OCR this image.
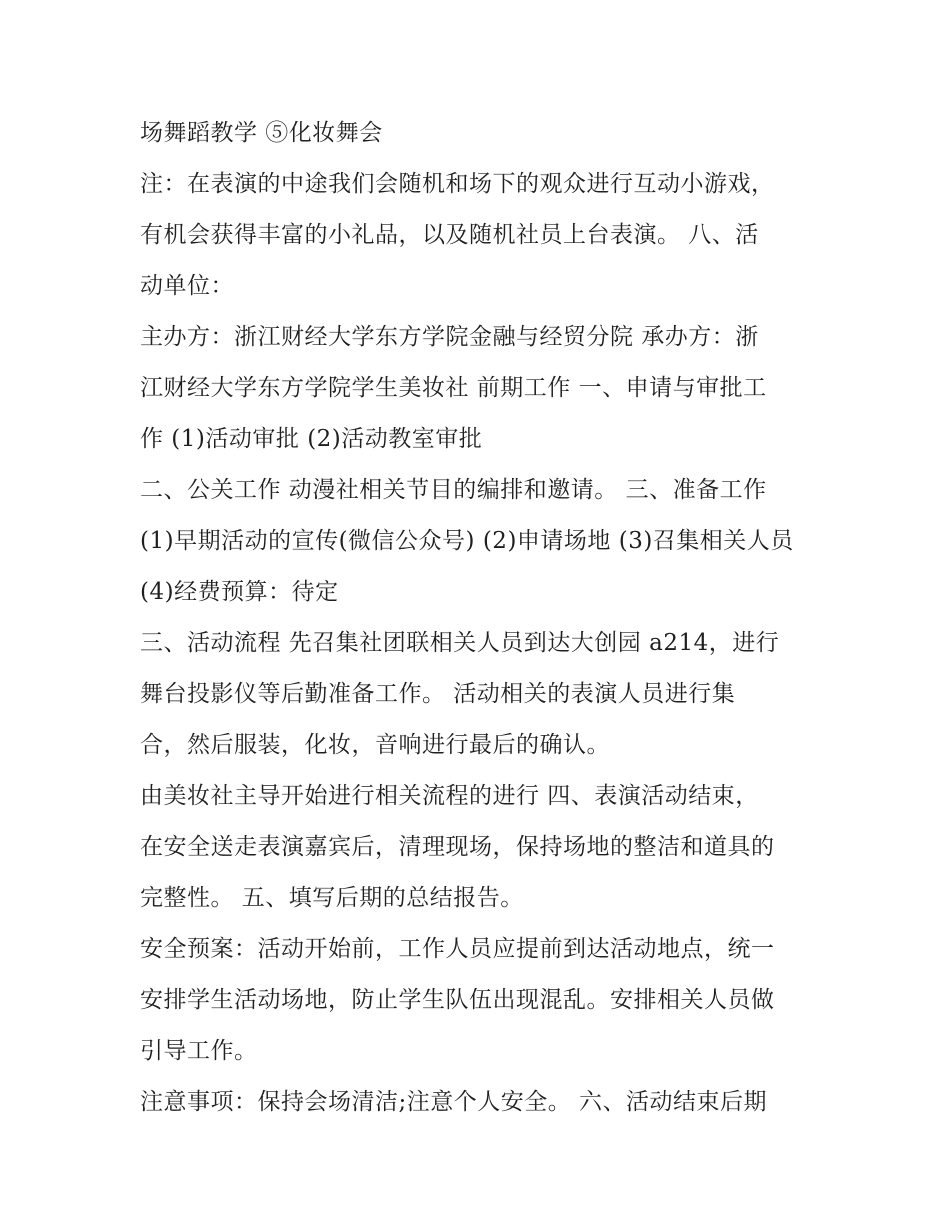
场舞蹈教学 ⑤化妆舞会

注：在表演的中途我们会随机和场下的观众进行互动小游戏，

有机会获得丰富的小礼品，以及随机社员上台表演。 八、活

动单位：

主办方：浙江财经大学东方学院金融与经贸分院 承办方：浙

江财经大学东方学院学生美妆社 前期工作 一、申请与审批工

作 (1)活动审批 (2)活动教室审批

二、公关工作 动漫社相关节目的编排和邀请。 三、准备工作

(1)早期活动的宣传(微信公众号) (2)申请场地 (3)召集相关人员

(4)经费预算：待定

三、活动流程 先召集社团联相关人员到达大创园 a214，进行

舞台投影仪等后勤准备工作。 活动相关的表演人员进行集

合，然后服装，化妆，音响进行最后的确认。

由美妆社主导开始进行相关流程的进行 四、表演活动结束，

在安全送走表演嘉宾后，清理现场，保持场地的整洁和道具的

完整性。 五、填写后期的总结报告。

安全预案：活动开始前，工作人员应提前到达活动地点，统一

安排学生活动场地，防止学生队伍出现混乱。安排相关人员做

引导工作。

注意事项：保持会场清洁;注意个人安全。 六、活动结束后期
